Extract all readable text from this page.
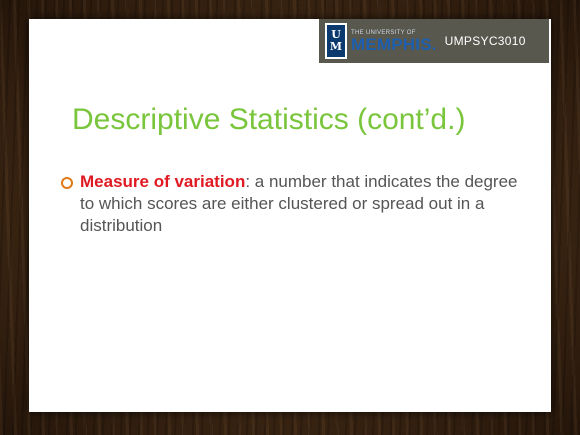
U
M
THE UNIVERSITY OF
MEMPHIS. UMPSYC3010
Descriptive Statistics (cont’d.)
Measure of variation: a number that indicates the degree to which scores are either clustered or spread out in a distribution
